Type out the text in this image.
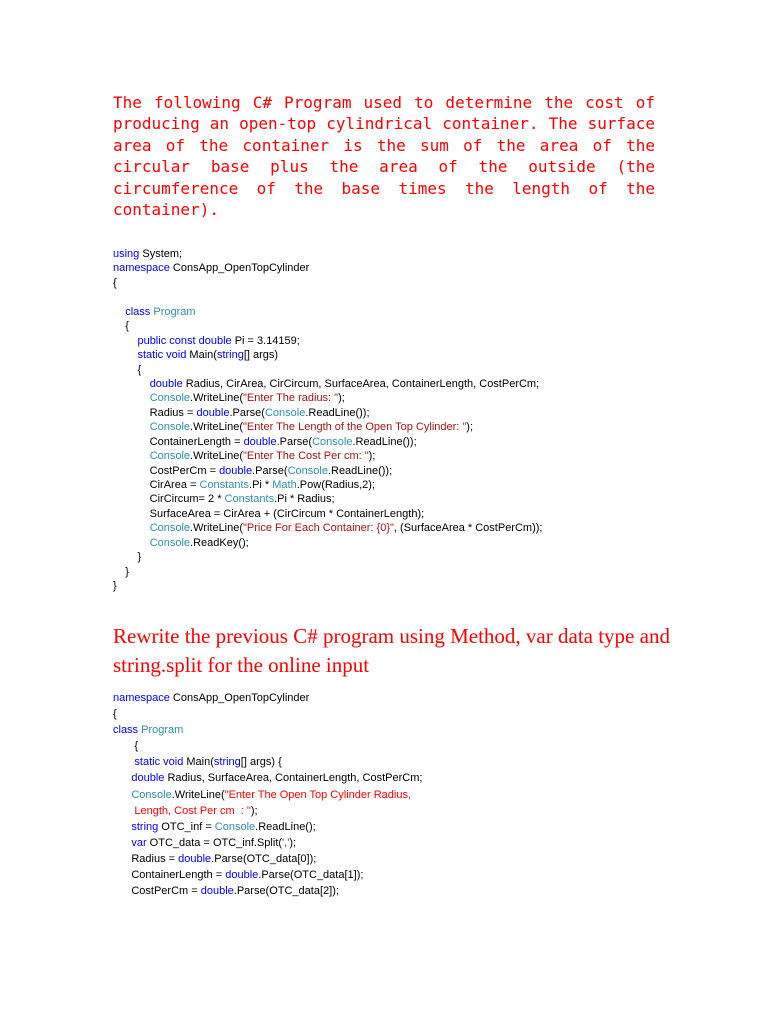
The following C# Program used to determine the cost of producing an open-top cylindrical container. The surface area of the container is the sum of the area of the circular base plus the area of the outside (the circumference of the base times the length of the container).

using System;
namespace ConsApp_OpenTopCylinder
{
class Program
{
public const double Pi = 3.14159;
static void Main(string[] args)
{
double Radius, CirArea, CirCircum, SurfaceArea, ContainerLength, CostPerCm;
Console.WriteLine("Enter The radius: ");
Radius = double.Parse(Console.ReadLine());
Console.WriteLine("Enter The Length of the Open Top Cylinder: ");
ContainerLength = double.Parse(Console.ReadLine());
Console.WriteLine("Enter The Cost Per cm: ");
CostPerCm = double.Parse(Console.ReadLine());
CirArea = Constants.Pi * Math.Pow(Radius,2);
CirCircum= 2 * Constants.Pi * Radius;
SurfaceArea = CirArea + (CirCircum * ContainerLength);
Console.WriteLine("Price For Each Container: {0}", (SurfaceArea * CostPerCm));
Console.ReadKey();
}
}
}

Rewrite the previous C# program using Method, var data type and string.split for the online input

namespace ConsApp_OpenTopCylinder
{
class Program
{
static void Main(string[] args) {
double Radius, SurfaceArea, ContainerLength, CostPerCm;
Console.WriteLine("Enter The Open Top Cylinder Radius,
Length, Cost Per cm  : ");
string OTC_inf = Console.ReadLine();
var OTC_data = OTC_inf.Split(',');
Radius = double.Parse(OTC_data[0]);
ContainerLength = double.Parse(OTC_data[1]);
CostPerCm = double.Parse(OTC_data[2]);
